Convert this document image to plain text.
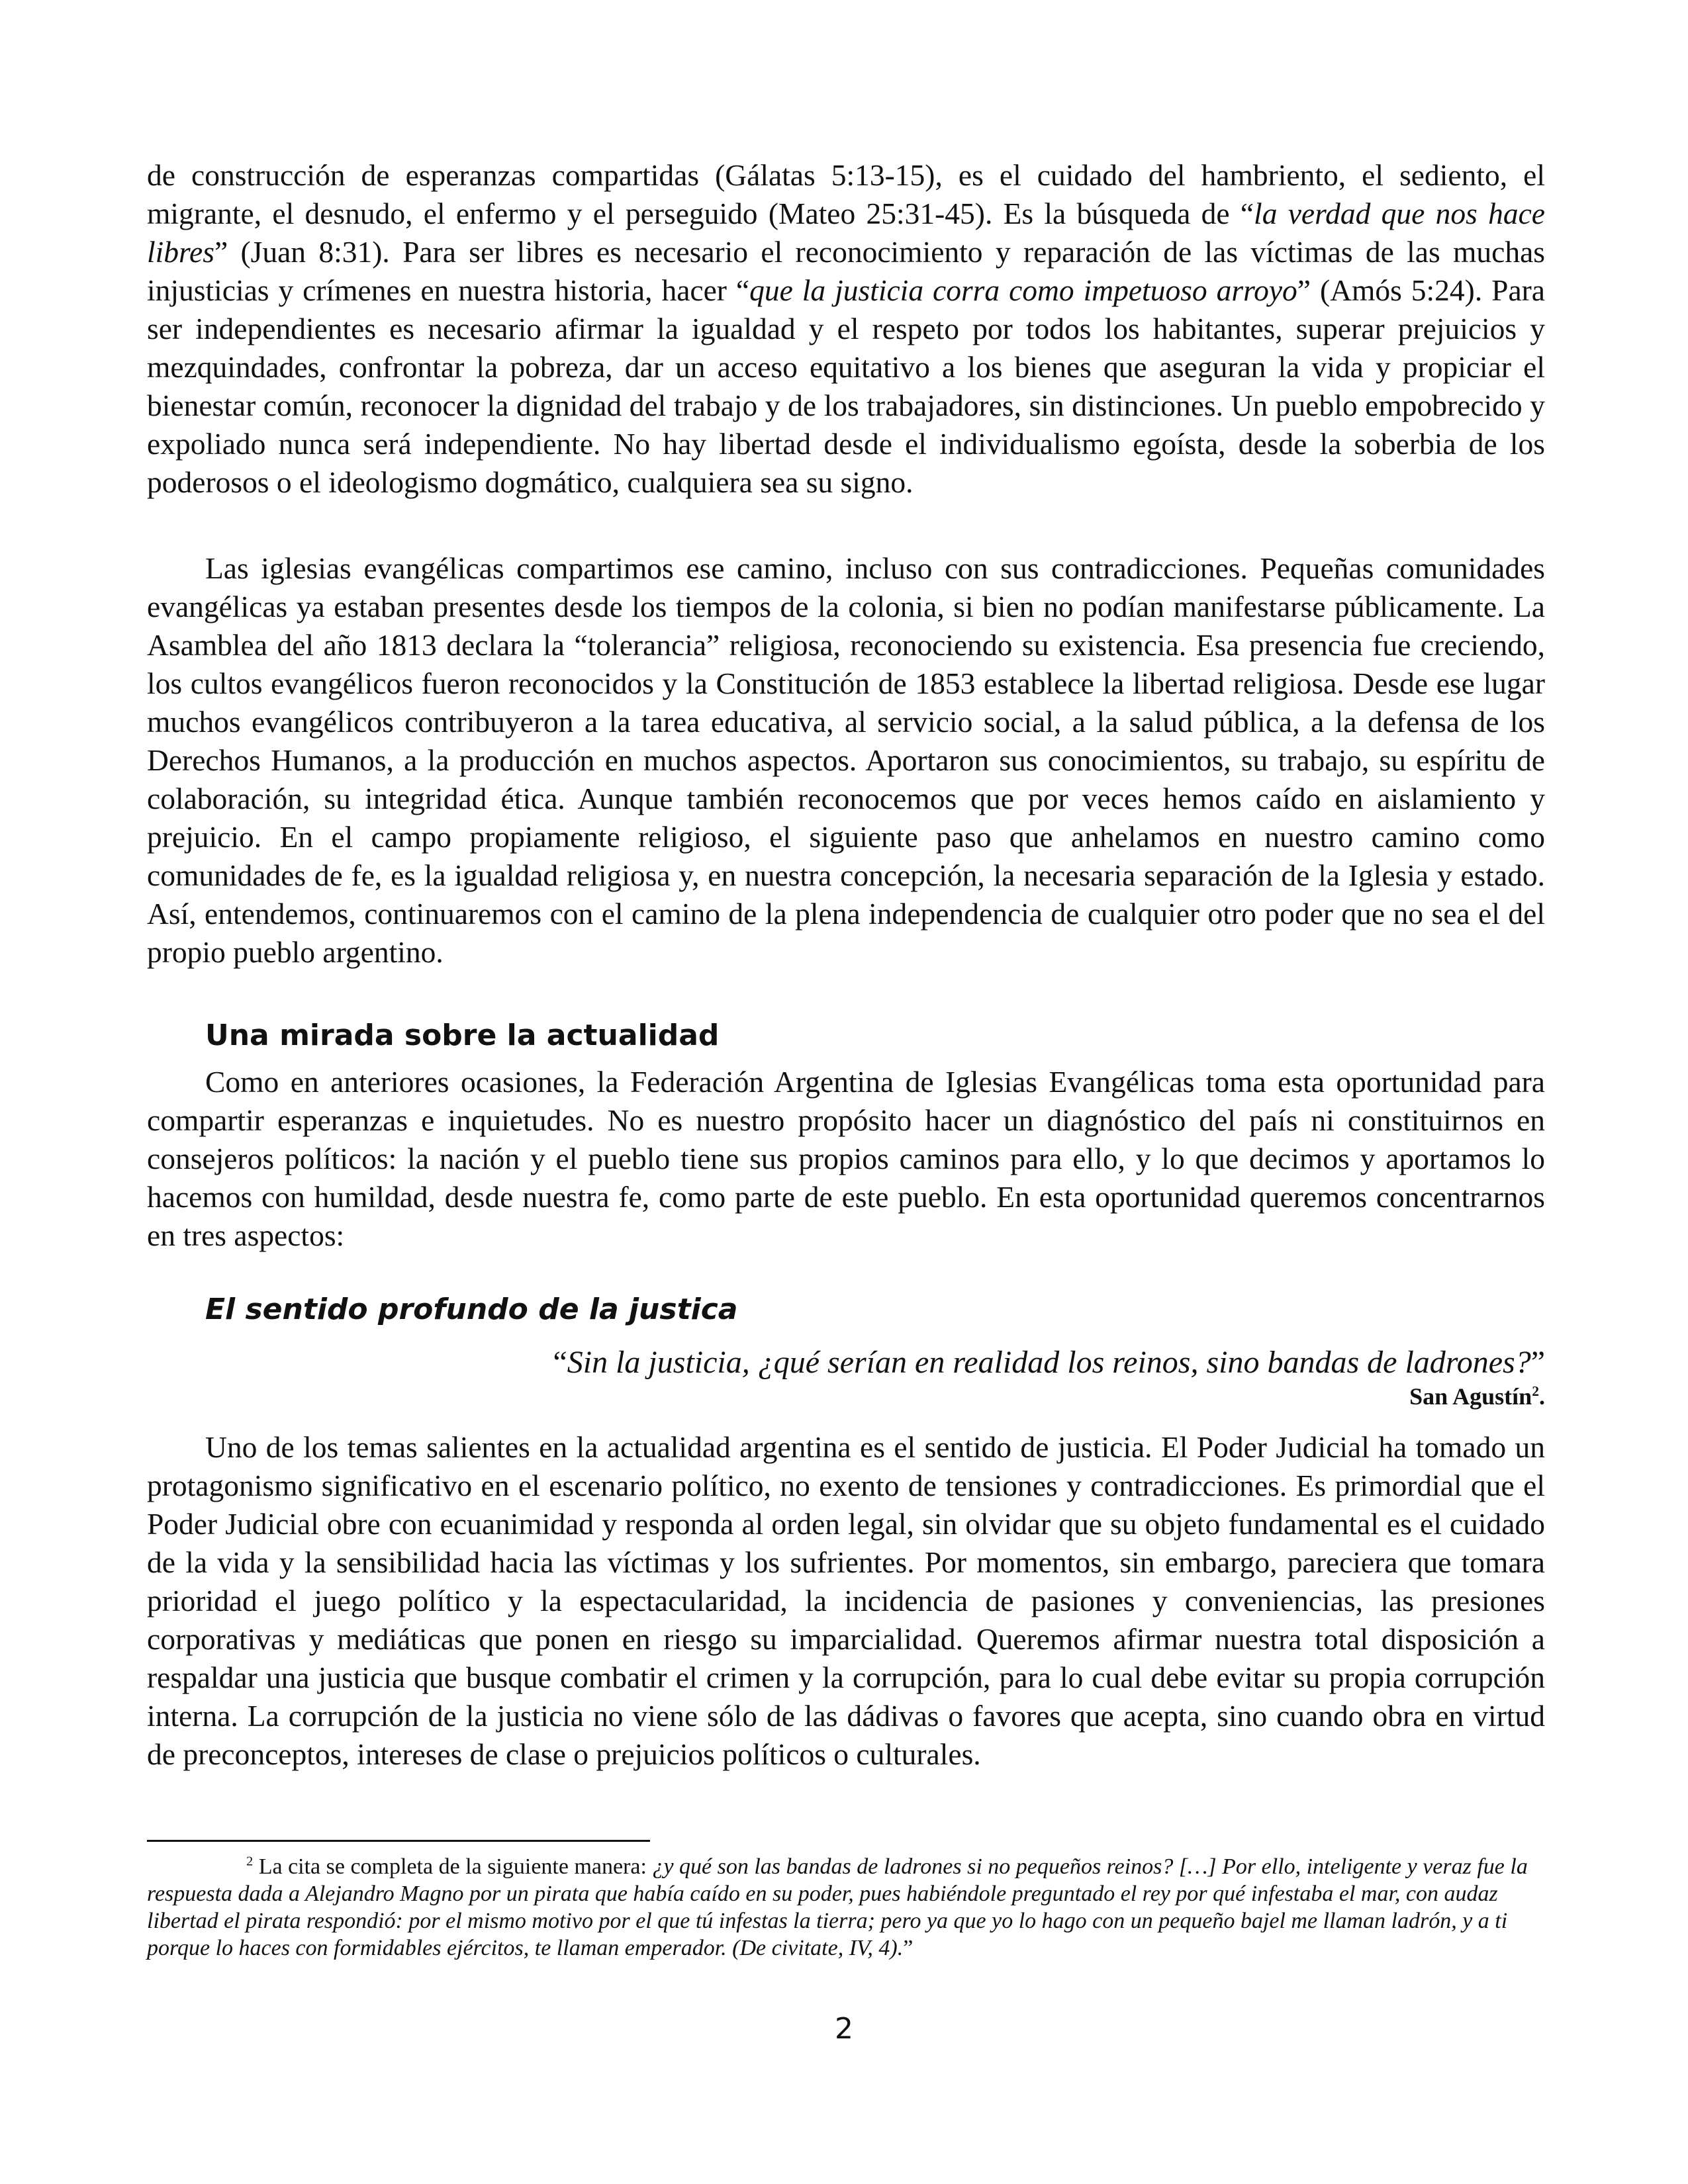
de construcción de esperanzas compartidas (Gálatas 5:13-15), es el cuidado del hambriento, el sediento, el migrante, el desnudo, el enfermo y el perseguido (Mateo 25:31-45). Es la búsqueda de “la verdad que nos hace libres” (Juan 8:31). Para ser libres es necesario el reconocimiento y reparación de las víctimas de las muchas injusticias y crímenes en nuestra historia, hacer “que la justicia corra como impetuoso arroyo” (Amós 5:24). Para ser independientes es necesario afirmar la igualdad y el respeto por todos los habitantes, superar prejuicios y mezquindades, confrontar la pobreza, dar un acceso equitativo a los bienes que aseguran la vida y propiciar el bienestar común, reconocer la dignidad del trabajo y de los trabajadores, sin distinciones. Un pueblo empobrecido y expoliado nunca será independiente. No hay libertad desde el individualismo egoísta, desde la soberbia de los poderosos o el ideologismo dogmático, cualquiera sea su signo.

Las iglesias evangélicas compartimos ese camino, incluso con sus contradicciones. Pequeñas comunidades evangélicas ya estaban presentes desde los tiempos de la colonia, si bien no podían manifestarse públicamente. La Asamblea del año 1813 declara la “tolerancia” religiosa, reconociendo su existencia. Esa presencia fue creciendo, los cultos evangélicos fueron reconocidos y la Constitución de 1853 establece la libertad religiosa. Desde ese lugar muchos evangélicos contribuyeron a la tarea educativa, al servicio social, a la salud pública, a la defensa de los Derechos Humanos, a la producción en muchos aspectos. Aportaron sus conocimientos, su trabajo, su espíritu de colaboración, su integridad ética. Aunque también reconocemos que por veces hemos caído en aislamiento y prejuicio. En el campo propiamente religioso, el siguiente paso que anhelamos en nuestro camino como comunidades de fe, es la igualdad religiosa y, en nuestra concepción, la necesaria separación de la Iglesia y estado. Así, entendemos, continuaremos con el camino de la plena independencia de cualquier otro poder que no sea el del propio pueblo argentino.

Una mirada sobre la actualidad

Como en anteriores ocasiones, la Federación Argentina de Iglesias Evangélicas toma esta oportunidad para compartir esperanzas e inquietudes. No es nuestro propósito hacer un diagnóstico del país ni constituirnos en consejeros políticos: la nación y el pueblo tiene sus propios caminos para ello, y lo que decimos y aportamos lo hacemos con humildad, desde nuestra fe, como parte de este pueblo. En esta oportunidad queremos concentrarnos en tres aspectos:

El sentido profundo de la justica

“Sin la justicia, ¿qué serían en realidad los reinos, sino bandas de ladrones?”

San Agustín$^2$.

Uno de los temas salientes en la actualidad argentina es el sentido de justicia. El Poder Judicial ha tomado un protagonismo significativo en el escenario político, no exento de tensiones y contradicciones. Es primordial que el Poder Judicial obre con ecuanimidad y responda al orden legal, sin olvidar que su objeto fundamental es el cuidado de la vida y la sensibilidad hacia las víctimas y los sufrientes. Por momentos, sin embargo, pareciera que tomara prioridad el juego político y la espectacularidad, la incidencia de pasiones y conveniencias, las presiones corporativas y mediáticas que ponen en riesgo su imparcialidad. Queremos afirmar nuestra total disposición a respaldar una justicia que busque combatir el crimen y la corrupción, para lo cual debe evitar su propia corrupción interna. La corrupción de la justicia no viene sólo de las dádivas o favores que acepta, sino cuando obra en virtud de preconceptos, intereses de clase o prejuicios políticos o culturales.

$^2$ La cita se completa de la siguiente manera: ¿y qué son las bandas de ladrones si no pequeños reinos? […] Por ello, inteligente y veraz fue la respuesta dada a Alejandro Magno por un pirata que había caído en su poder, pues habiéndole preguntado el rey por qué infestaba el mar, con audaz libertad el pirata respondió: por el mismo motivo por el que tú infestas la tierra; pero ya que yo lo hago con un pequeño bajel me llaman ladrón, y a ti porque lo haces con formidables ejércitos, te llaman emperador. (De civitate, IV, 4).”

2
